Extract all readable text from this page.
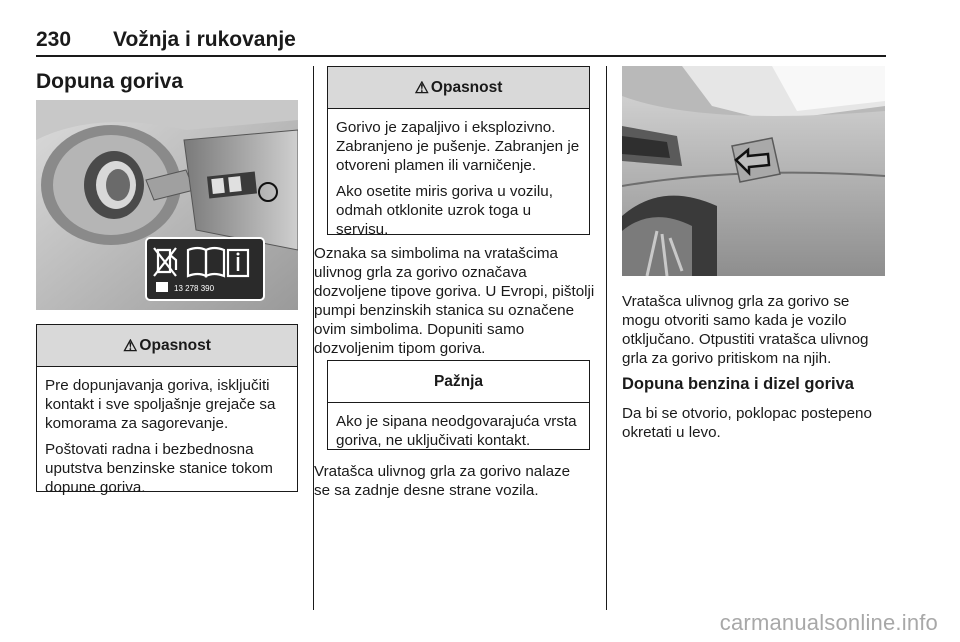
230 Vožnja i rukovanje
Dopuna goriva
13 278 390
⚠ Opasnost

Pre dopunjavanja goriva, isključiti kontakt i sve spoljašnje grejače sa komorama za sagorevanje.

Poštovati radna i bezbednosna uputstva benzinske stanice tokom dopune goriva.

⚠ Opasnost

Gorivo je zapaljivo i eksplozivno. Zabranjeno je pušenje. Zabranjen je otvoreni plamen ili varničenje.

Ako osetite miris goriva u vozilu, odmah otklonite uzrok toga u servisu.

Oznaka sa simbolima na vratašcima ulivnog grla za gorivo označava dozvoljene tipove goriva. U Evropi, pištolji pumpi benzinskih stanica su označene ovim simbolima. Dopuniti samo dozvoljenim tipom goriva.

Pažnja

Ako je sipana neodgovarajuća vrsta goriva, ne uključivati kontakt.

Vratašca ulivnog grla za gorivo nalaze se sa zadnje desne strane vozila.

Vratašca ulivnog grla za gorivo se mogu otvoriti samo kada je vozilo otključano. Otpustiti vratašca ulivnog grla za gorivo pritiskom na njih.

Dopuna benzina i dizel goriva

Da bi se otvorio, poklopac postepeno okretati u levo.

carmanualsonline.info
